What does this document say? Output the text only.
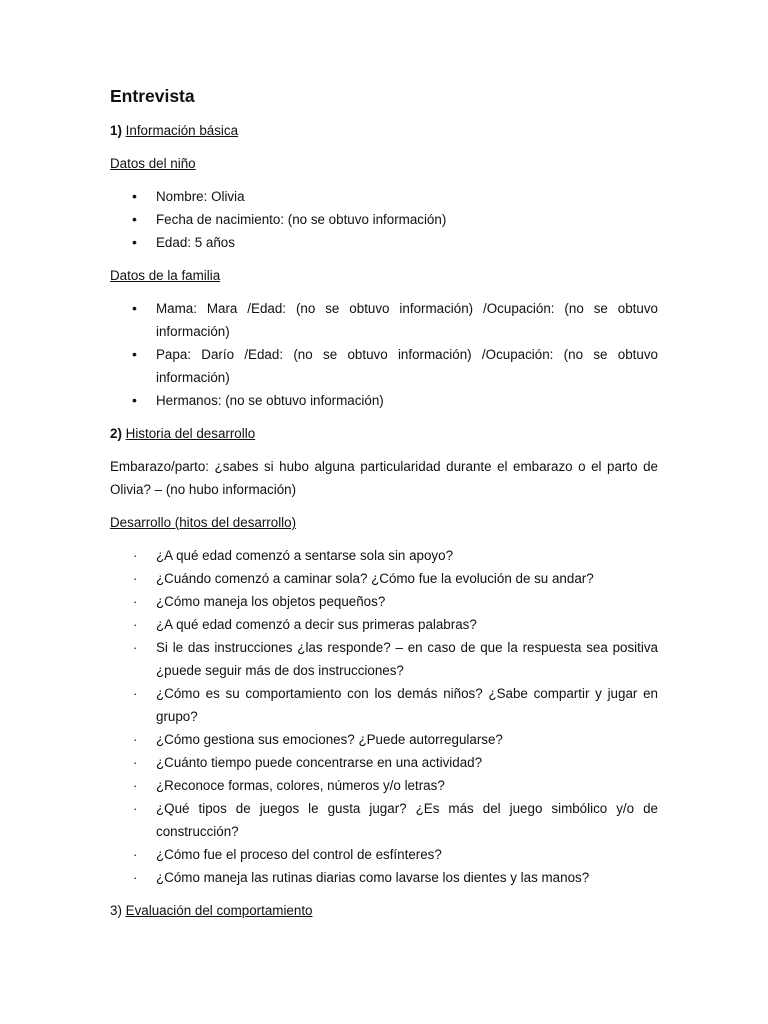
Entrevista
1) Información básica
Datos del niño
• Nombre: Olivia
• Fecha de nacimiento: (no se obtuvo información)
• Edad: 5 años
Datos de la familia
• Mama: Mara /Edad: (no se obtuvo información) /Ocupación: (no se obtuvo información)
• Papa: Darío /Edad: (no se obtuvo información) /Ocupación: (no se obtuvo información)
• Hermanos: (no se obtuvo información)
2) Historia del desarrollo
Embarazo/parto: ¿sabes si hubo alguna particularidad durante el embarazo o el parto de Olivia? – (no hubo información)
Desarrollo (hitos del desarrollo)
· ¿A qué edad comenzó a sentarse sola sin apoyo?
· ¿Cuándo comenzó a caminar sola? ¿Cómo fue la evolución de su andar?
· ¿Cómo maneja los objetos pequeños?
· ¿A qué edad comenzó a decir sus primeras palabras?
· Si le das instrucciones ¿las responde? – en caso de que la respuesta sea positiva ¿puede seguir más de dos instrucciones?
· ¿Cómo es su comportamiento con los demás niños? ¿Sabe compartir y jugar en grupo?
· ¿Cómo gestiona sus emociones? ¿Puede autorregularse?
· ¿Cuánto tiempo puede concentrarse en una actividad?
· ¿Reconoce formas, colores, números y/o letras?
· ¿Qué tipos de juegos le gusta jugar? ¿Es más del juego simbólico y/o de construcción?
· ¿Cómo fue el proceso del control de esfínteres?
· ¿Cómo maneja las rutinas diarias como lavarse los dientes y las manos?
3) Evaluación del comportamiento
